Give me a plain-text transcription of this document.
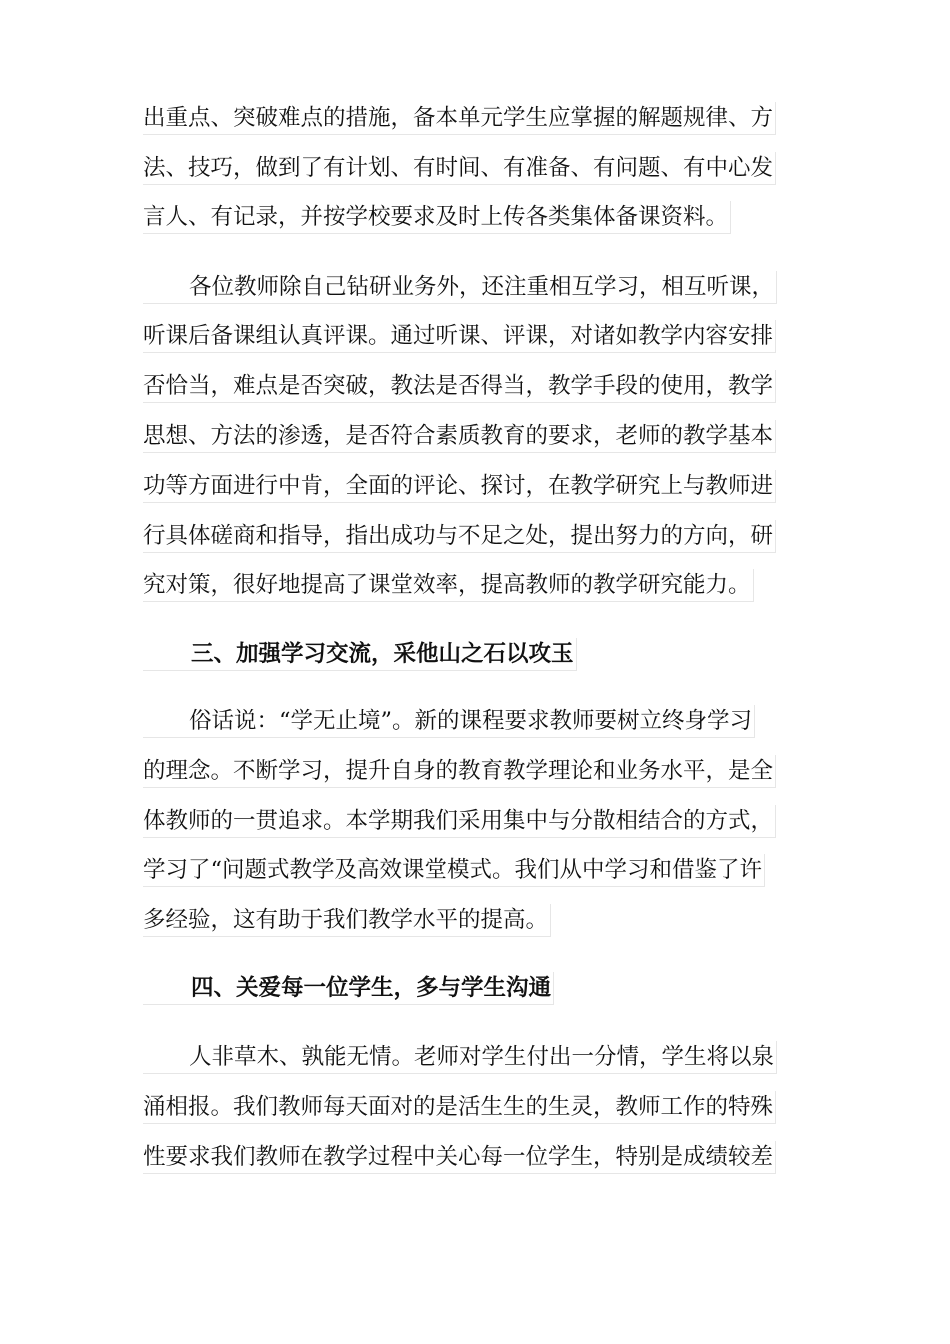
出重点、突破难点的措施，备本单元学生应掌握的解题规律、方
法、技巧，做到了有计划、有时间、有准备、有问题、有中心发
言人、有记录，并按学校要求及时上传各类集体备课资料。
各位教师除自己钻研业务外，还注重相互学习，相互听课，
听课后备课组认真评课。通过听课、评课，对诸如教学内容安排
否恰当，难点是否突破，教法是否得当，教学手段的使用，教学
思想、方法的渗透，是否符合素质教育的要求，老师的教学基本
功等方面进行中肯，全面的评论、探讨，在教学研究上与教师进
行具体磋商和指导，指出成功与不足之处，提出努力的方向，研
究对策，很好地提高了课堂效率，提高教师的教学研究能力。
三、加强学习交流，采他山之石以攻玉
俗话说：“学无止境”。新的课程要求教师要树立终身学习
的理念。不断学习，提升自身的教育教学理论和业务水平，是全
体教师的一贯追求。本学期我们采用集中与分散相结合的方式，
学习了“问题式教学及高效课堂模式。我们从中学习和借鉴了许
多经验，这有助于我们教学水平的提高。
四、关爱每一位学生，多与学生沟通
人非草木、孰能无情。老师对学生付出一分情，学生将以泉
涌相报。我们教师每天面对的是活生生的生灵，教师工作的特殊
性要求我们教师在教学过程中关心每一位学生，特别是成绩较差
